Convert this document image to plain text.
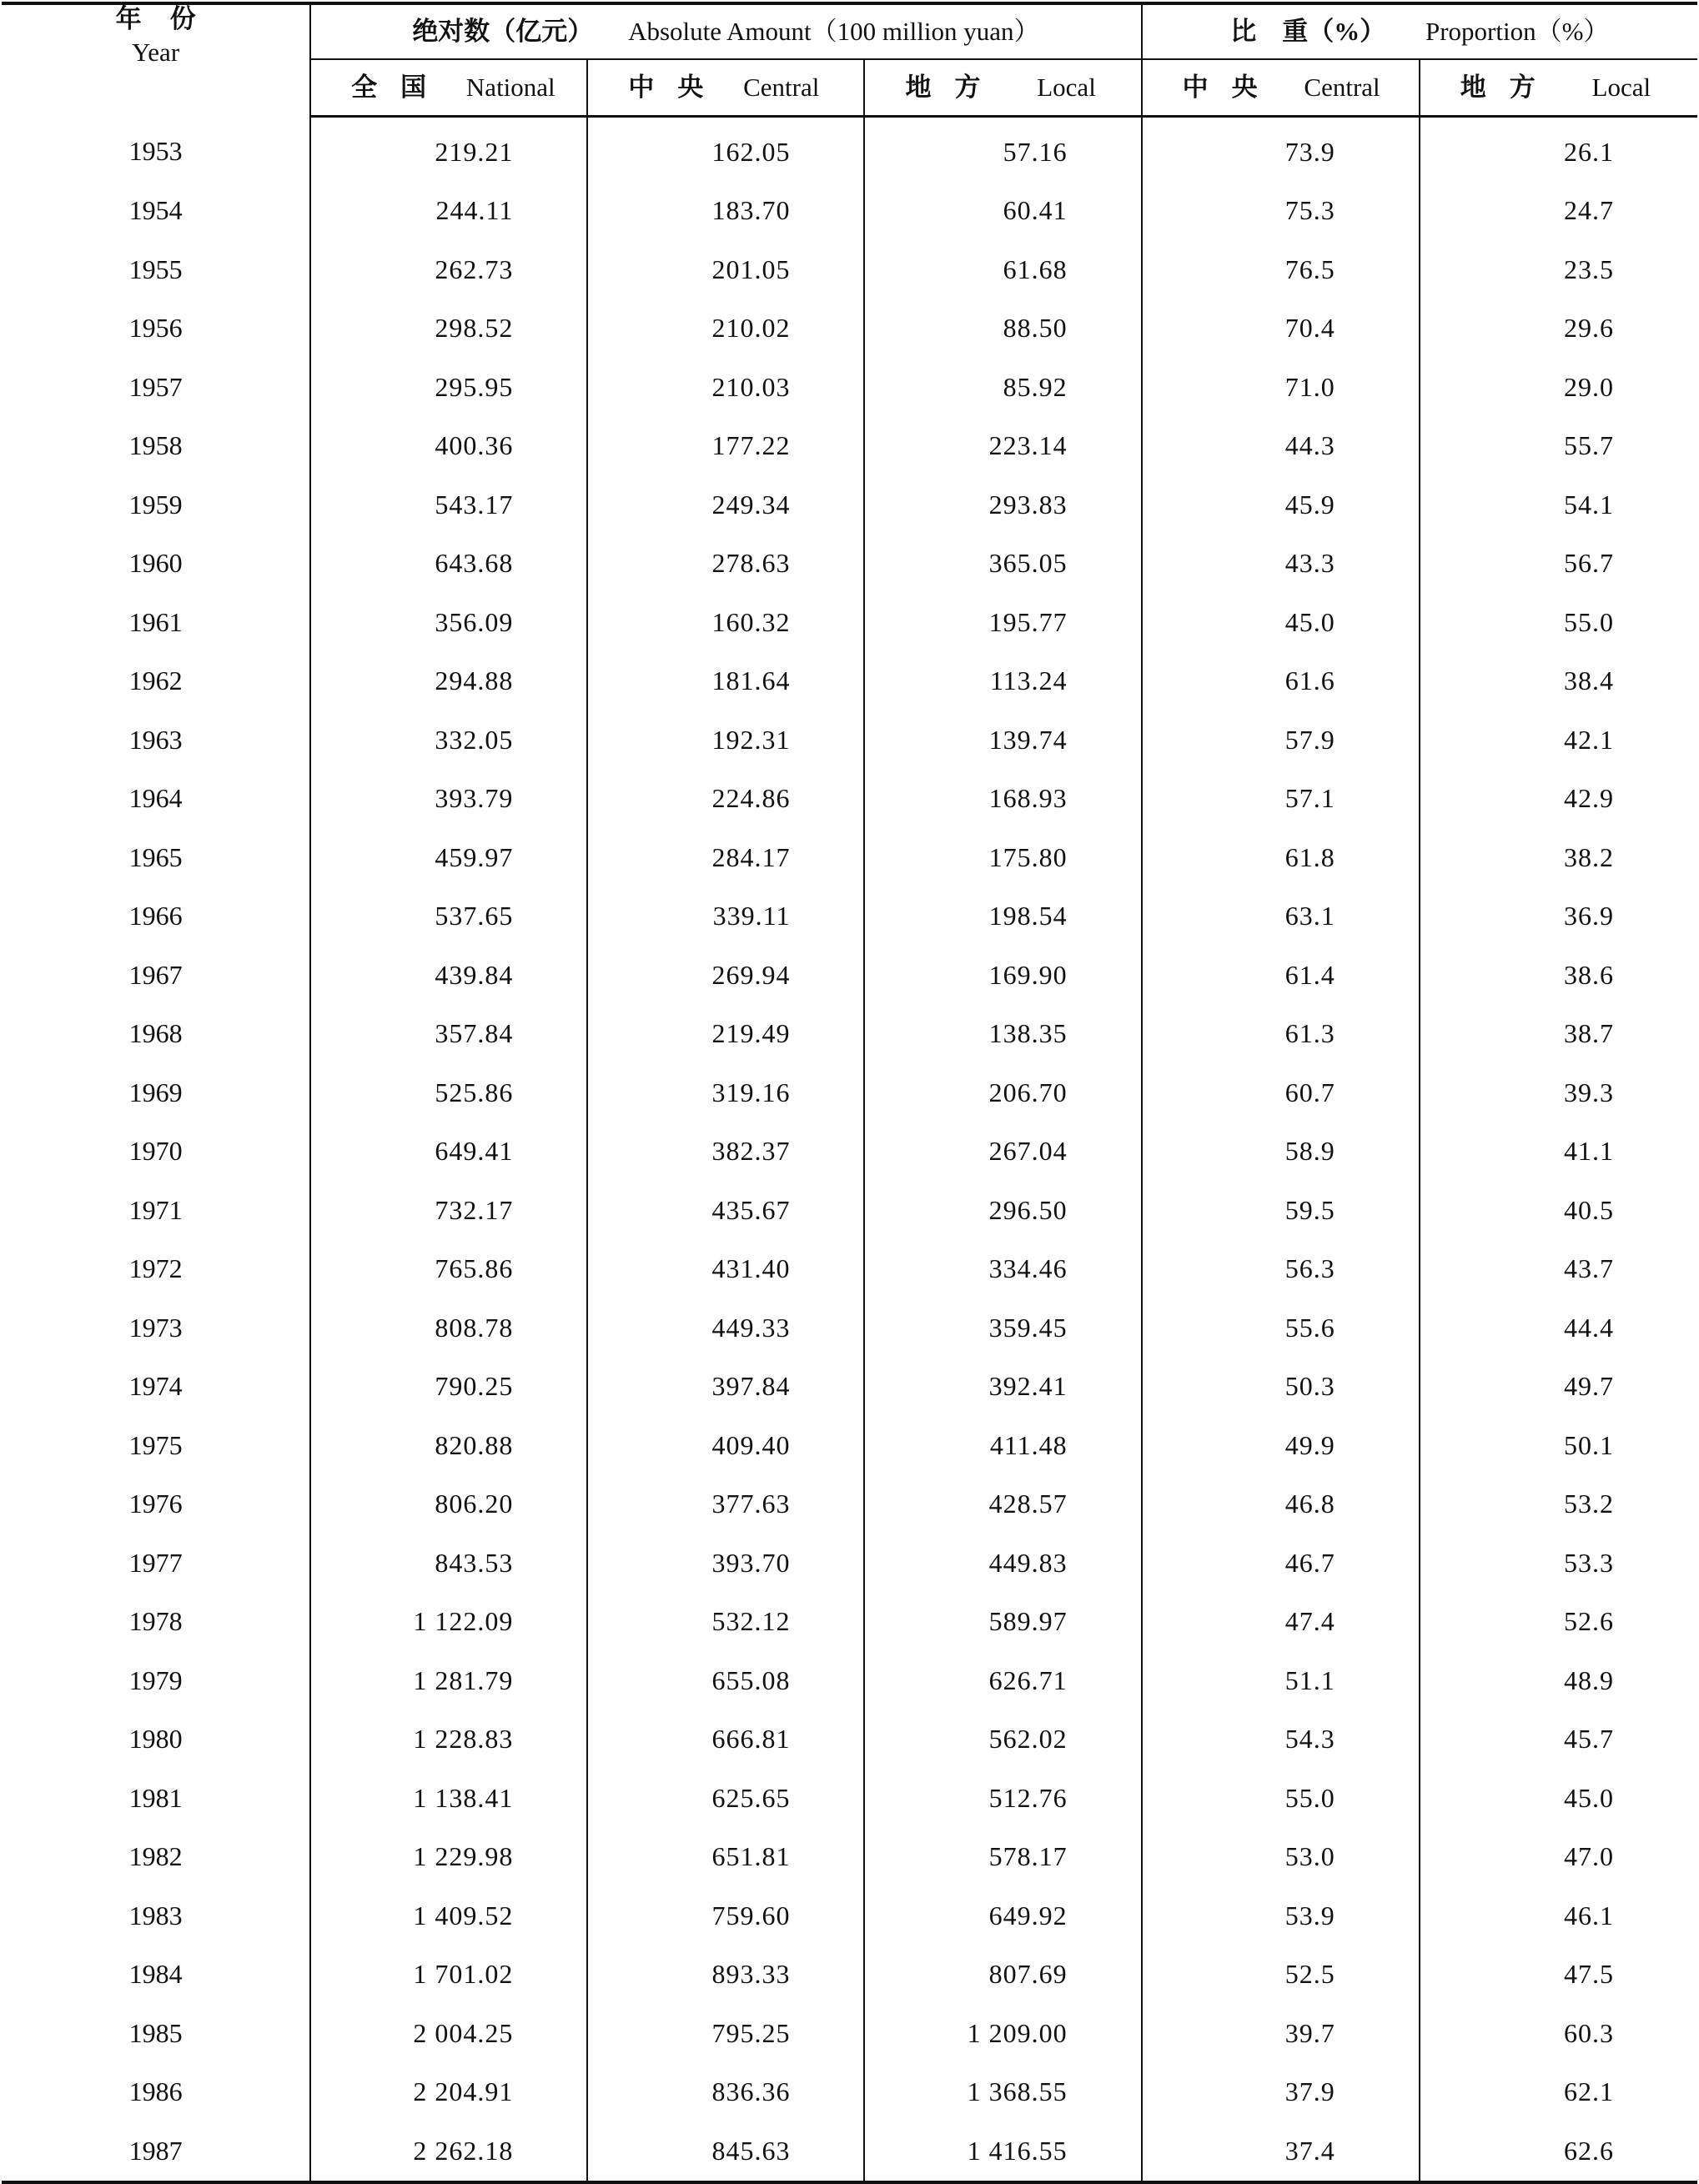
年份
Year	绝对数（亿元） Absolute Amount（100 million yuan）			比　重（%） Proportion（%）	
	全国 National	中央 Central	地方 Local	中央 Central	地方 Local
1953	219.21	162.05	57.16	73.9	26.1
1954	244.11	183.70	60.41	75.3	24.7
1955	262.73	201.05	61.68	76.5	23.5
1956	298.52	210.02	88.50	70.4	29.6
1957	295.95	210.03	85.92	71.0	29.0
1958	400.36	177.22	223.14	44.3	55.7
1959	543.17	249.34	293.83	45.9	54.1
1960	643.68	278.63	365.05	43.3	56.7
1961	356.09	160.32	195.77	45.0	55.0
1962	294.88	181.64	113.24	61.6	38.4
1963	332.05	192.31	139.74	57.9	42.1
1964	393.79	224.86	168.93	57.1	42.9
1965	459.97	284.17	175.80	61.8	38.2
1966	537.65	339.11	198.54	63.1	36.9
1967	439.84	269.94	169.90	61.4	38.6
1968	357.84	219.49	138.35	61.3	38.7
1969	525.86	319.16	206.70	60.7	39.3
1970	649.41	382.37	267.04	58.9	41.1
1971	732.17	435.67	296.50	59.5	40.5
1972	765.86	431.40	334.46	56.3	43.7
1973	808.78	449.33	359.45	55.6	44.4
1974	790.25	397.84	392.41	50.3	49.7
1975	820.88	409.40	411.48	49.9	50.1
1976	806.20	377.63	428.57	46.8	53.2
1977	843.53	393.70	449.83	46.7	53.3
1978	1 122.09	532.12	589.97	47.4	52.6
1979	1 281.79	655.08	626.71	51.1	48.9
1980	1 228.83	666.81	562.02	54.3	45.7
1981	1 138.41	625.65	512.76	55.0	45.0
1982	1 229.98	651.81	578.17	53.0	47.0
1983	1 409.52	759.60	649.92	53.9	46.1
1984	1 701.02	893.33	807.69	52.5	47.5
1985	2 004.25	795.25	1 209.00	39.7	60.3
1986	2 204.91	836.36	1 368.55	37.9	62.1
1987	2 262.18	845.63	1 416.55	37.4	62.6
